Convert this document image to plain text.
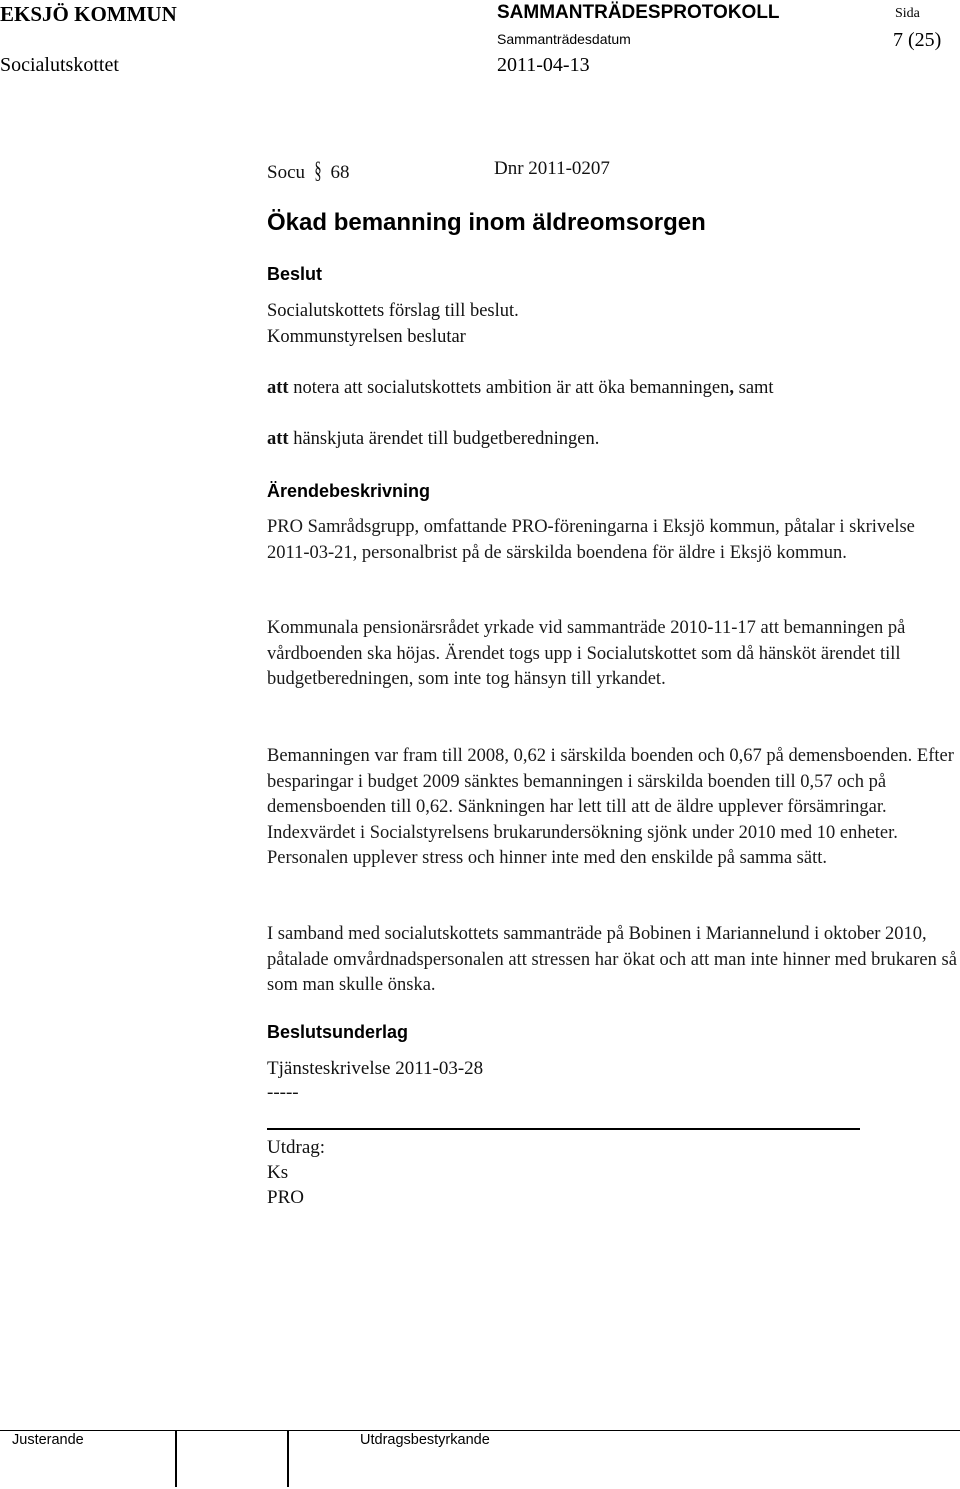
EKSJÖ KOMMUN	SAMMANTRÄDESPROTOKOLL	Sida
Socialutskottet
Sammanträdesdatum
2011-04-13
7 (25)
Socu § 68	Dnr 2011-0207
Ökad bemanning inom äldreomsorgen
Beslut
Socialutskottets förslag till beslut.
Kommunstyrelsen beslutar
att notera att socialutskottets ambition är att öka bemanningen, samt
att hänskjuta ärendet till budgetberedningen.
Ärendebeskrivning

PRO Samrådsgrupp, omfattande PRO-föreningarna i Eksjö kommun, påtalar i skrivelse 2011-03-21, personalbrist på de särskilda boendena för äldre i Eksjö kommun.

Kommunala pensionärsrådet yrkade vid sammanträde 2010-11-17 att bemanningen på vårdboenden ska höjas. Ärendet togs upp i Socialutskottet som då hänsköt ärendet till budgetberedningen, som inte tog hänsyn till yrkandet.

Bemanningen var fram till 2008, 0,62 i särskilda boenden och 0,67 på demensboenden. Efter besparingar i budget 2009 sänktes bemanningen i särskilda boenden till 0,57 och på demensboenden till 0,62. Sänkningen har lett till att de äldre upplever försämringar. Indexvärdet i Socialstyrelsens brukarundersökning sjönk under 2010 med 10 enheter. Personalen upplever stress och hinner inte med den enskilde på samma sätt.

I samband med socialutskottets sammanträde på Bobinen i Mariannelund i oktober 2010, påtalade omvårdnadspersonalen att stressen har ökat och att man inte hinner med brukaren så som man skulle önska.

Beslutsunderlag
Tjänsteskrivelse 2011-03-28
-----
Utdrag:
Ks
PRO
Justerande	Utdragsbestyrkande
